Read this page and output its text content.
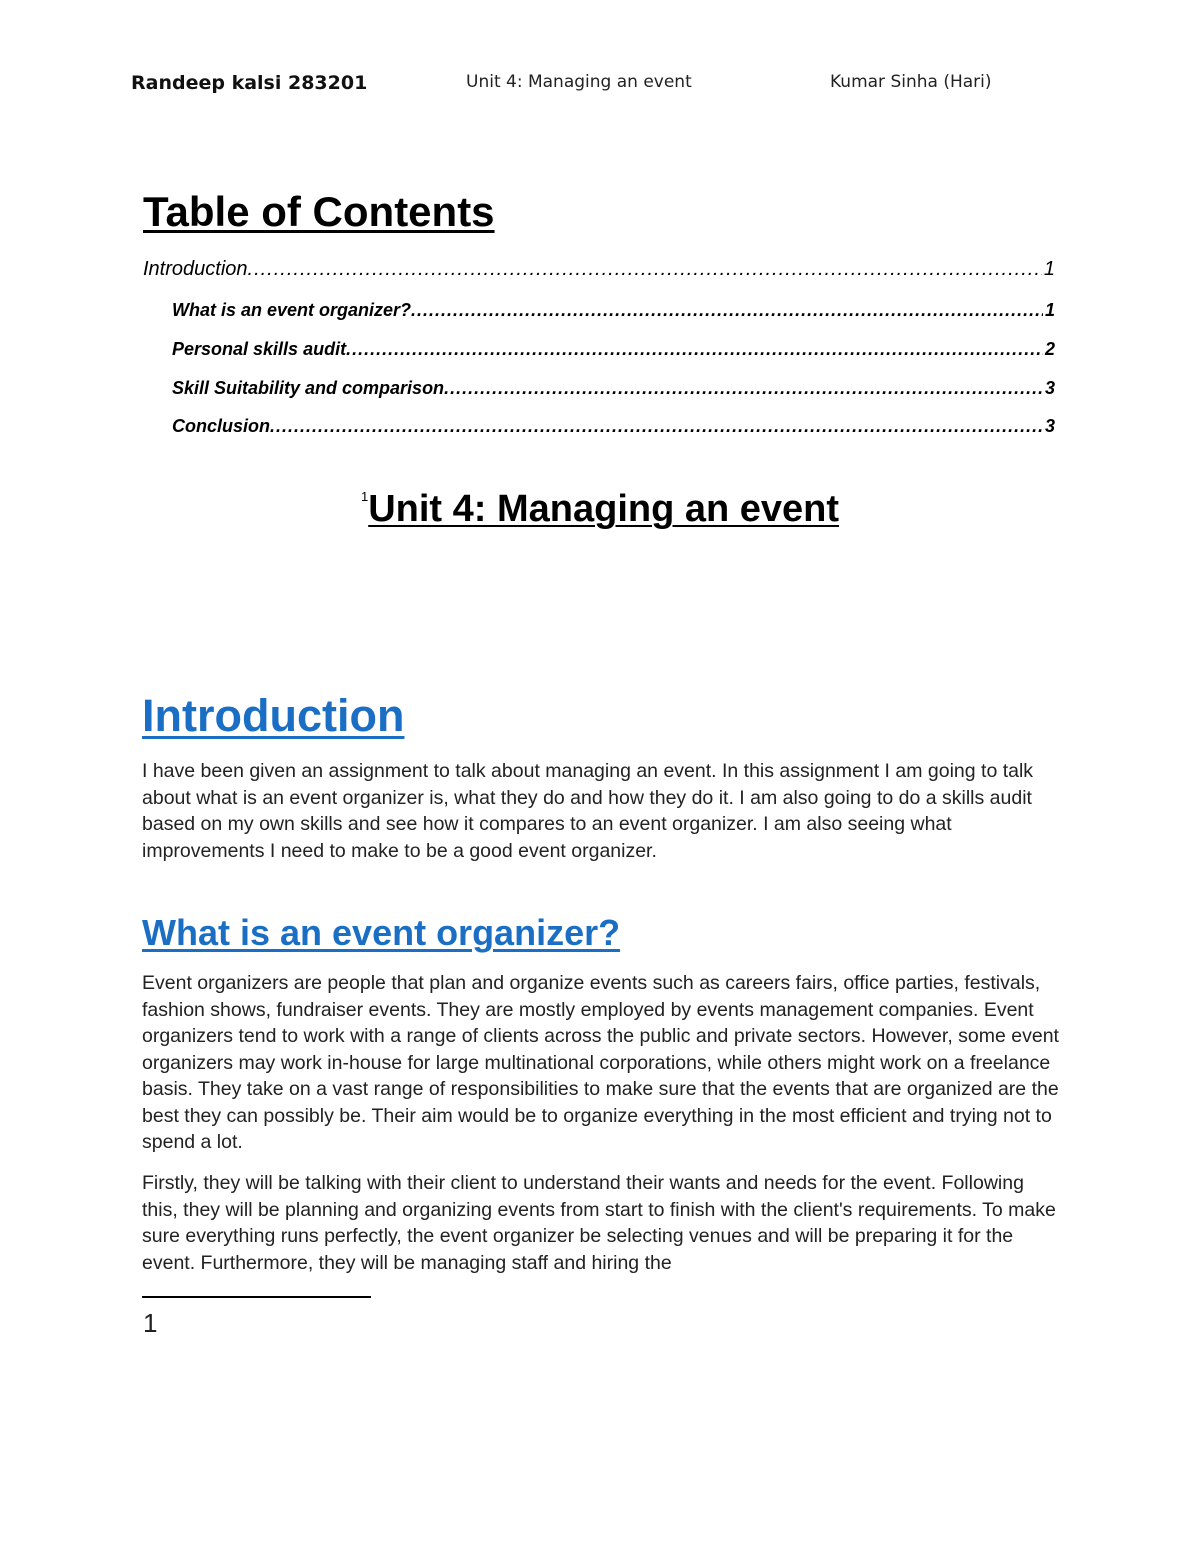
Randeep kalsi 283201	Unit 4: Managing an event	Kumar Sinha (Hari)
Table of Contents
Introduction .....	1
What is an event organizer? .....	1
Personal skills audit .....	2
Skill Suitability and comparison .....	3
Conclusion .....	3
$^1$Unit 4: Managing an event
Introduction

I have been given an assignment to talk about managing an event. In this assignment I am going to talk about what is an event organizer is, what they do and how they do it. I am also going to do a skills audit based on my own skills and see how it compares to an event organizer. I am also seeing what improvements I need to make to be a good event organizer.

What is an event organizer?

Event organizers are people that plan and organize events such as careers fairs, office parties, festivals, fashion shows, fundraiser events. They are mostly employed by events management companies. Event organizers tend to work with a range of clients across the public and private sectors. However, some event organizers may work in-house for large multinational corporations, while others might work on a freelance basis. They take on a vast range of responsibilities to make sure that the events that are organized are the best they can possibly be. Their aim would be to organize everything in the most efficient and trying not to spend a lot.

Firstly, they will be talking with their client to understand their wants and needs for the event. Following this, they will be planning and organizing events from start to finish with the client's requirements. To make sure everything runs perfectly, the event organizer be selecting venues and will be preparing it for the event. Furthermore, they will be managing staff and hiring the

1
